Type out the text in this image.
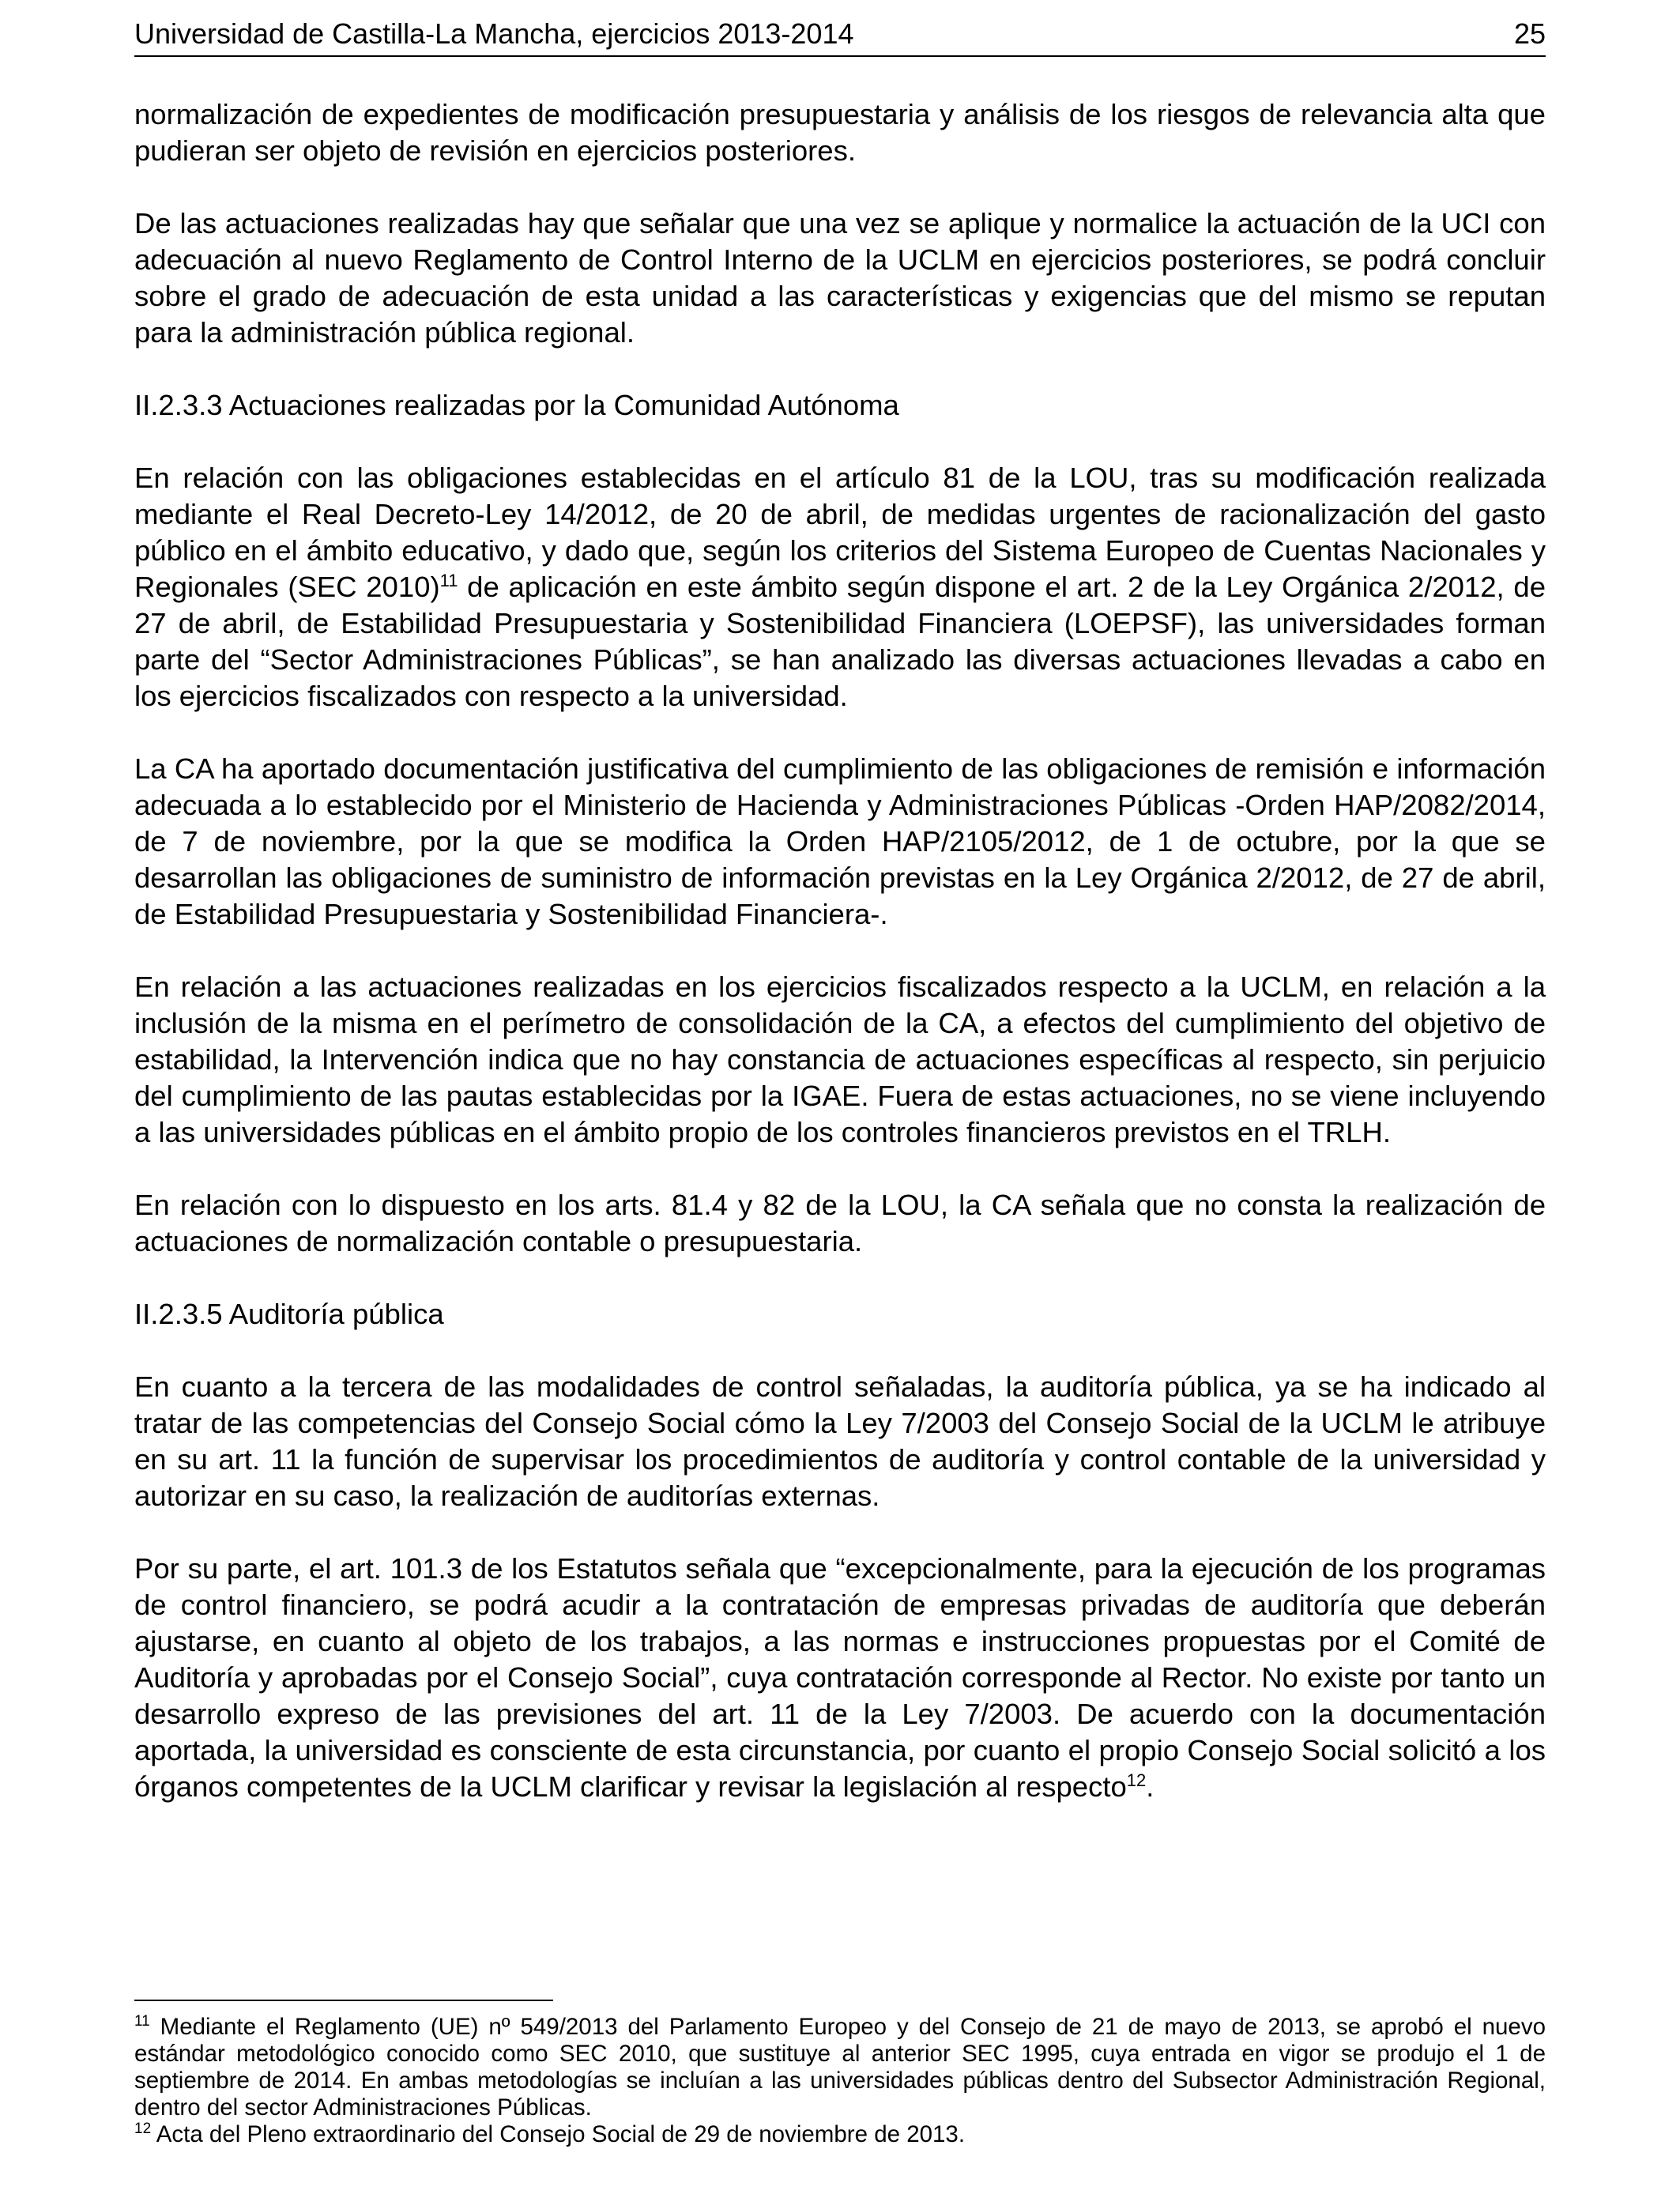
Universidad de Castilla-La Mancha, ejercicios 2013-2014	25

normalización de expedientes de modificación presupuestaria y análisis de los riesgos de relevancia alta que pudieran ser objeto de revisión en ejercicios posteriores.

De las actuaciones realizadas hay que señalar que una vez se aplique y normalice la actuación de la UCI con adecuación al nuevo Reglamento de Control Interno de la UCLM en ejercicios posteriores, se podrá concluir sobre el grado de adecuación de esta unidad a las características y exigencias que del mismo se reputan para la administración pública regional.

II.2.3.3 Actuaciones realizadas por la Comunidad Autónoma

En relación con las obligaciones establecidas en el artículo 81 de la LOU, tras su modificación realizada mediante el Real Decreto-Ley 14/2012, de 20 de abril, de medidas urgentes de racionalización del gasto público en el ámbito educativo, y dado que, según los criterios del Sistema Europeo de Cuentas Nacionales y Regionales (SEC 2010)$^{11}$ de aplicación en este ámbito según dispone el art. 2 de la Ley Orgánica 2/2012, de 27 de abril, de Estabilidad Presupuestaria y Sostenibilidad Financiera (LOEPSF), las universidades forman parte del “Sector Administraciones Públicas”, se han analizado las diversas actuaciones llevadas a cabo en los ejercicios fiscalizados con respecto a la universidad.

La CA ha aportado documentación justificativa del cumplimiento de las obligaciones de remisión e información adecuada a lo establecido por el Ministerio de Hacienda y Administraciones Públicas -Orden HAP/2082/2014, de 7 de noviembre, por la que se modifica la Orden HAP/2105/2012, de 1 de octubre, por la que se desarrollan las obligaciones de suministro de información previstas en la Ley Orgánica 2/2012, de 27 de abril, de Estabilidad Presupuestaria y Sostenibilidad Financiera-.

En relación a las actuaciones realizadas en los ejercicios fiscalizados respecto a la UCLM, en relación a la inclusión de la misma en el perímetro de consolidación de la CA, a efectos del cumplimiento del objetivo de estabilidad, la Intervención indica que no hay constancia de actuaciones específicas al respecto, sin perjuicio del cumplimiento de las pautas establecidas por la IGAE. Fuera de estas actuaciones, no se viene incluyendo a las universidades públicas en el ámbito propio de los controles financieros previstos en el TRLH.

En relación con lo dispuesto en los arts. 81.4 y 82 de la LOU, la CA señala que no consta la realización de actuaciones de normalización contable o presupuestaria.

II.2.3.5 Auditoría pública

En cuanto a la tercera de las modalidades de control señaladas, la auditoría pública, ya se ha indicado al tratar de las competencias del Consejo Social cómo la Ley 7/2003 del Consejo Social de la UCLM le atribuye en su art. 11 la función de supervisar los procedimientos de auditoría y control contable de la universidad y autorizar en su caso, la realización de auditorías externas.

Por su parte, el art. 101.3 de los Estatutos señala que “excepcionalmente, para la ejecución de los programas de control financiero, se podrá acudir a la contratación de empresas privadas de auditoría que deberán ajustarse, en cuanto al objeto de los trabajos, a las normas e instrucciones propuestas por el Comité de Auditoría y aprobadas por el Consejo Social”, cuya contratación corresponde al Rector. No existe por tanto un desarrollo expreso de las previsiones del art. 11 de la Ley 7/2003. De acuerdo con la documentación aportada, la universidad es consciente de esta circunstancia, por cuanto el propio Consejo Social solicitó a los órganos competentes de la UCLM clarificar y revisar la legislación al respecto$^{12}$.

$^{11}$ Mediante el Reglamento (UE) nº 549/2013 del Parlamento Europeo y del Consejo de 21 de mayo de 2013, se aprobó el nuevo estándar metodológico conocido como SEC 2010, que sustituye al anterior SEC 1995, cuya entrada en vigor se produjo el 1 de septiembre de 2014. En ambas metodologías se incluían a las universidades públicas dentro del Subsector Administración Regional, dentro del sector Administraciones Públicas.

$^{12}$ Acta del Pleno extraordinario del Consejo Social de 29 de noviembre de 2013.
